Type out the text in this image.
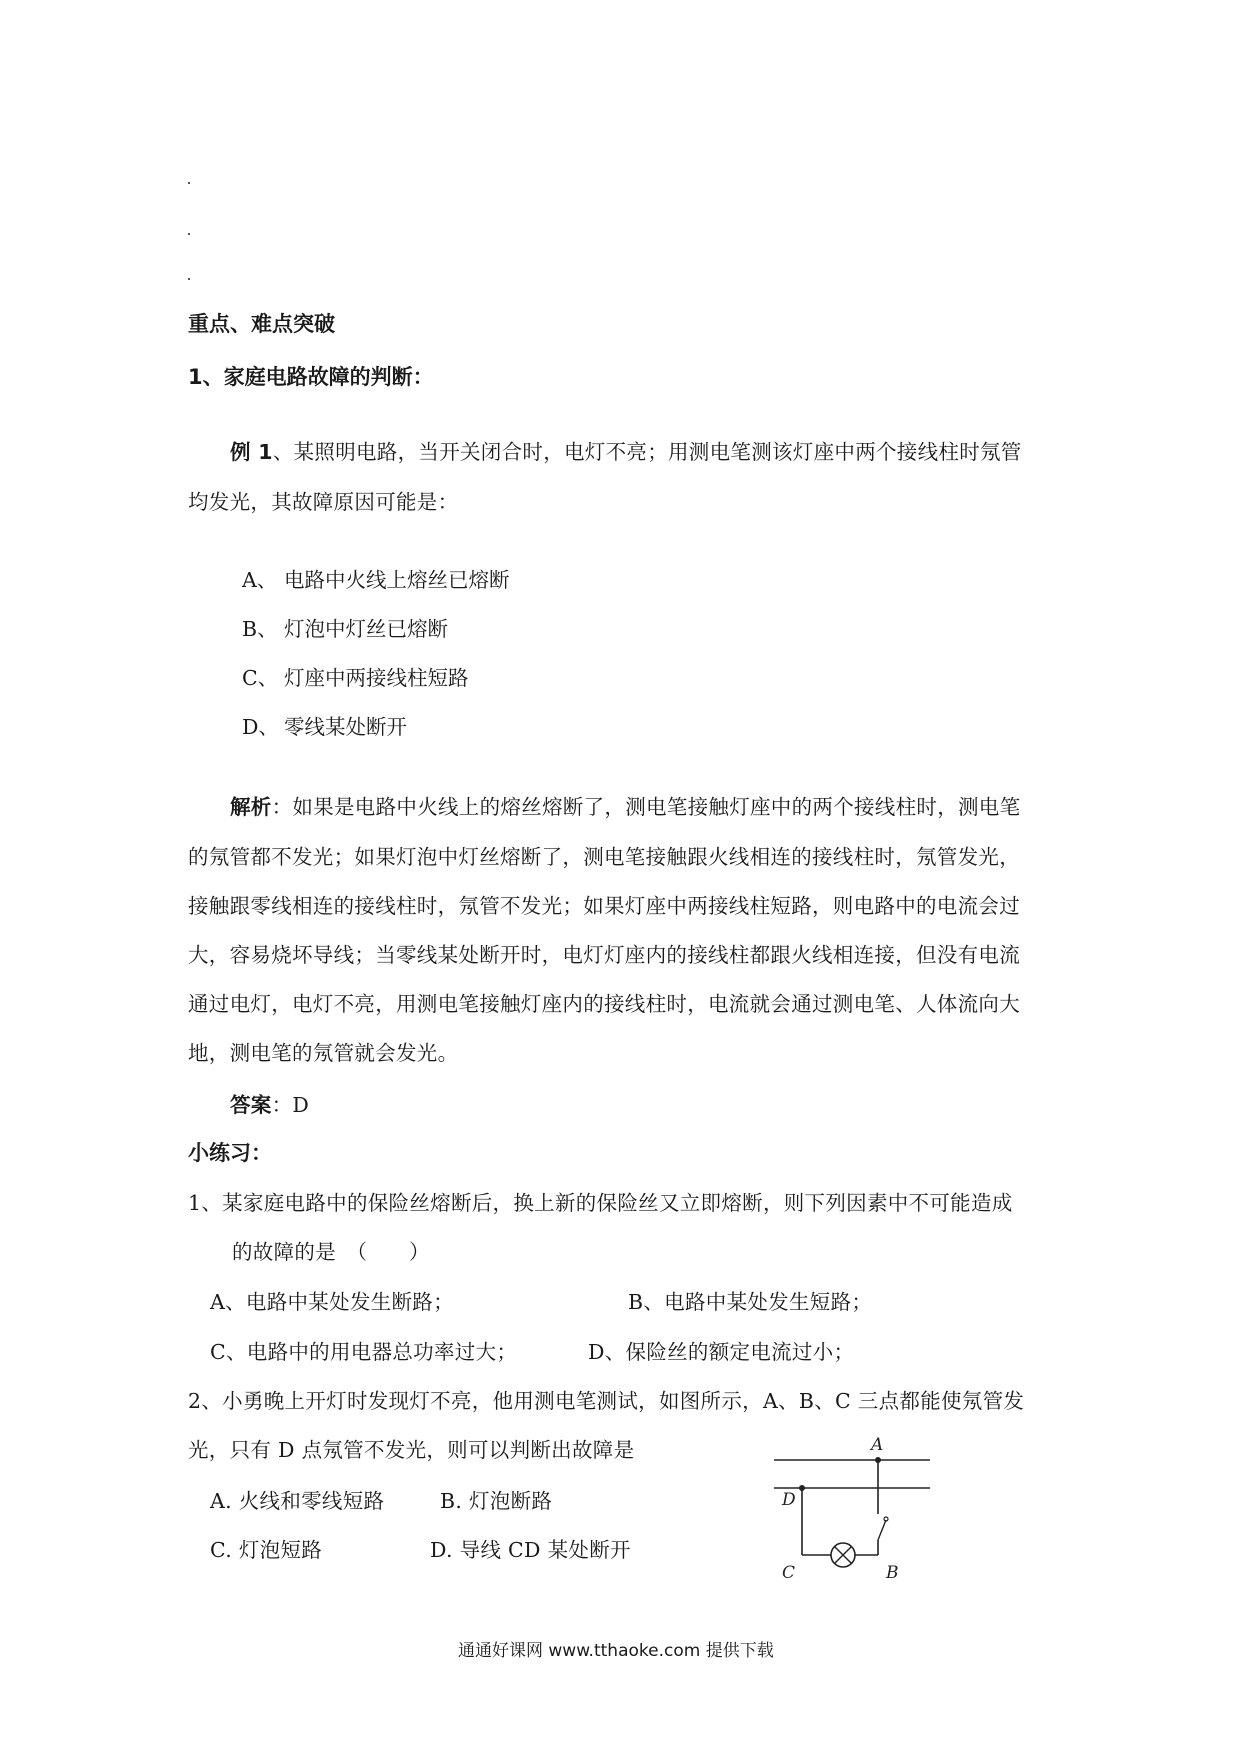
重点、难点突破
1、家庭电路故障的判断：
例 1、某照明电路，当开关闭合时，电灯不亮；用测电笔测该灯座中两个接线柱时氖管
均发光，其故障原因可能是：
A、 电路中火线上熔丝已熔断
B、 灯泡中灯丝已熔断
C、 灯座中两接线柱短路
D、 零线某处断开
解析：如果是电路中火线上的熔丝熔断了，测电笔接触灯座中的两个接线柱时，测电笔
的氖管都不发光；如果灯泡中灯丝熔断了，测电笔接触跟火线相连的接线柱时，氖管发光，
接触跟零线相连的接线柱时，氖管不发光；如果灯座中两接线柱短路，则电路中的电流会过
大，容易烧坏导线；当零线某处断开时，电灯灯座内的接线柱都跟火线相连接，但没有电流
通过电灯，电灯不亮，用测电笔接触灯座内的接线柱时，电流就会通过测电笔、人体流向大
地，测电笔的氖管就会发光。
答案：D
小练习：
1、某家庭电路中的保险丝熔断后，换上新的保险丝又立即熔断，则下列因素中不可能造成
的故障的是　（　　）
A、电路中某处发生断路；	B、电路中某处发生短路；
C、电路中的用电器总功率过大；	D、保险丝的额定电流过小；
2、小勇晚上开灯时发现灯不亮，他用测电笔测试，如图所示，A、B、C 三点都能使氖管发
光，只有 D 点氖管不发光，则可以判断出故障是
A. 火线和零线短路	B. 灯泡断路
C. 灯泡短路	D. 导线 CD 某处断开
A
B
C
D
通通好课网 www.tthaoke.com 提供下载
